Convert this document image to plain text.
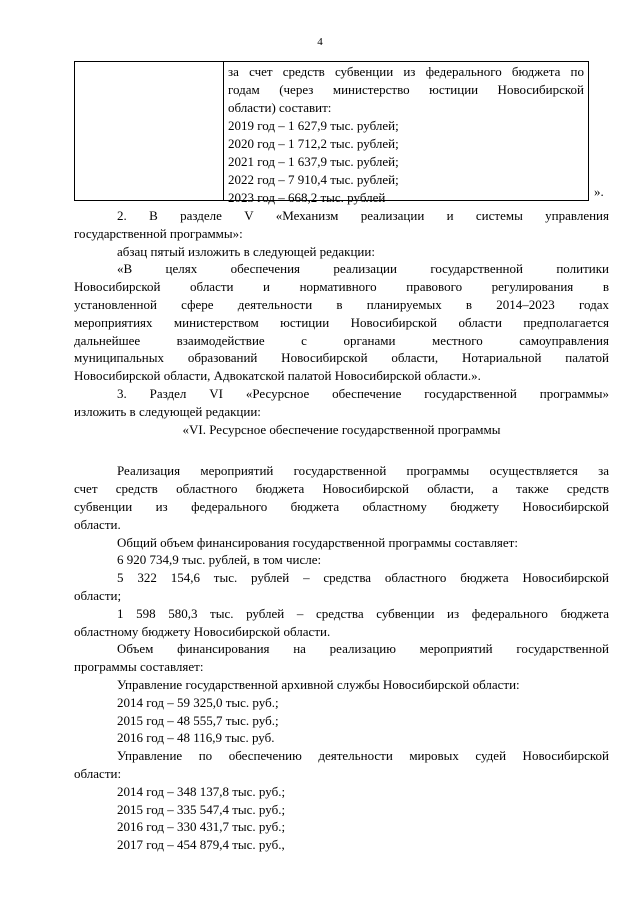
4
за счет средств субвенции из федерального бюджета по
годам (через министерство юстиции Новосибирской
области) составит:
2019 год – 1 627,9 тыс. рублей;
2020 год – 1 712,2 тыс. рублей;
2021 год – 1 637,9 тыс. рублей;
2022 год – 7 910,4 тыс. рублей;
2023 год – 668,2 тыс. рублей	».

2. В разделе V «Механизм реализации и системы управления

государственной программы»:

абзац пятый изложить в следующей редакции:

«В целях обеспечения реализации государственной политики

Новосибирской области и нормативного правового регулирования в

установленной сфере деятельности в планируемых в 2014–2023 годах

мероприятиях министерством юстиции Новосибирской области предполагается

дальнейшее взаимодействие с органами местного самоуправления

муниципальных образований Новосибирской области, Нотариальной палатой

Новосибирской области, Адвокатской палатой Новосибирской области.».

3. Раздел VI «Ресурсное обеспечение государственной программы»

изложить в следующей редакции:

«VI. Ресурсное обеспечение государственной программы

Реализация мероприятий государственной программы осуществляется за

счет средств областного бюджета Новосибирской области, а также средств

субвенции из федерального бюджета областному бюджету Новосибирской

области.

Общий объем финансирования государственной программы составляет:

6 920 734,9 тыс. рублей, в том числе:

5 322 154,6 тыс. рублей – средства областного бюджета Новосибирской

области;

1 598 580,3 тыс. рублей – средства субвенции из федерального бюджета

областному бюджету Новосибирской области.

Объем финансирования на реализацию мероприятий государственной

программы составляет:

Управление государственной архивной службы Новосибирской области:

2014 год – 59 325,0 тыс. руб.;

2015 год – 48 555,7 тыс. руб.;

2016 год – 48 116,9 тыс. руб.

Управление по обеспечению деятельности мировых судей Новосибирской

области:

2014 год – 348 137,8 тыс. руб.;

2015 год – 335 547,4 тыс. руб.;

2016 год – 330 431,7 тыс. руб.;

2017 год – 454 879,4 тыс. руб.,
